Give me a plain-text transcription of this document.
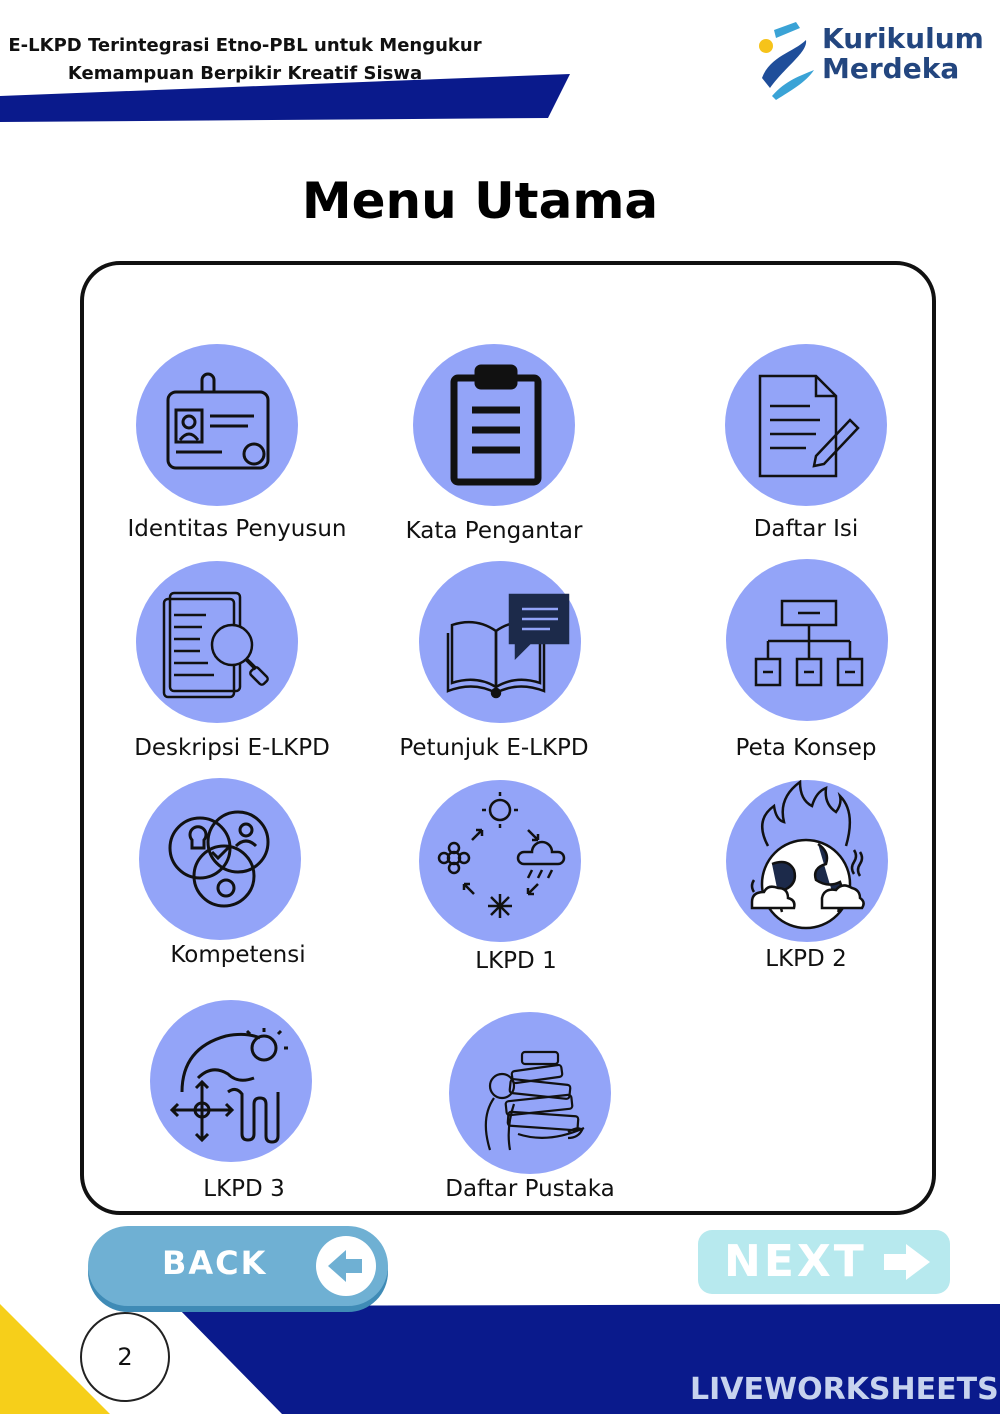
E-LKPD Terintegrasi Etno-PBL untuk Mengukur
Kemampuan Berpikir Kreatif Siswa
Kurikulum
Merdeka
Menu Utama
Identitas Penyusun	Kata Pengantar	Daftar Isi
Deskripsi E-LKPD	Petunjuk E-LKPD	Peta Konsep
Kompetensi	LKPD 1	LKPD 2
LKPD 3	Daftar Pustaka
BACK	NEXT
2
LIVEWORKSHEETS
